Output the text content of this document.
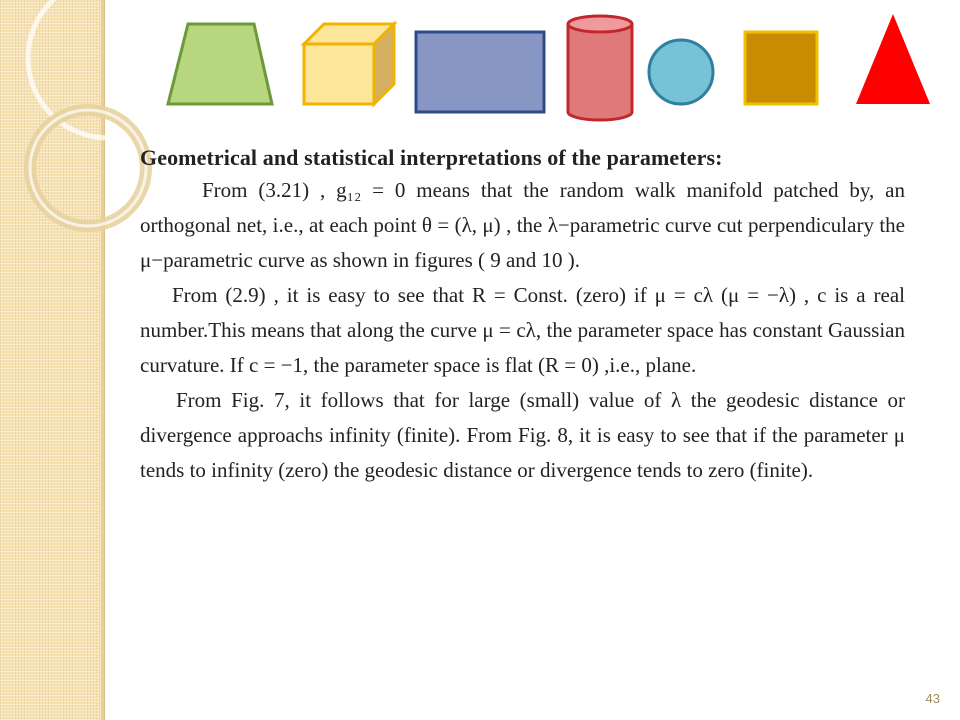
Geometrical and statistical interpretations of the parameters:

From (3.21) , g₁₂ = 0 means that the random walk manifold patched by, an orthogonal net, i.e., at each point θ = (λ, μ) , the λ−parametric curve cut perpendiculary the μ−parametric curve as shown in figures ( 9 and 10 ).

From (2.9) , it is easy to see that R = Const. (zero) if μ = cλ (μ = −λ) , c is a real number.This means that along the curve μ = cλ, the parameter space has constant Gaussian curvature. If c = −1, the parameter space is flat (R = 0) ,i.e., plane.

From Fig. 7, it follows that for large (small) value of λ the geodesic distance or divergence approachs infinity (finite). From Fig. 8, it is easy to see that if the parameter μ tends to infinity (zero) the geodesic distance or divergence tends to zero (finite).

43
